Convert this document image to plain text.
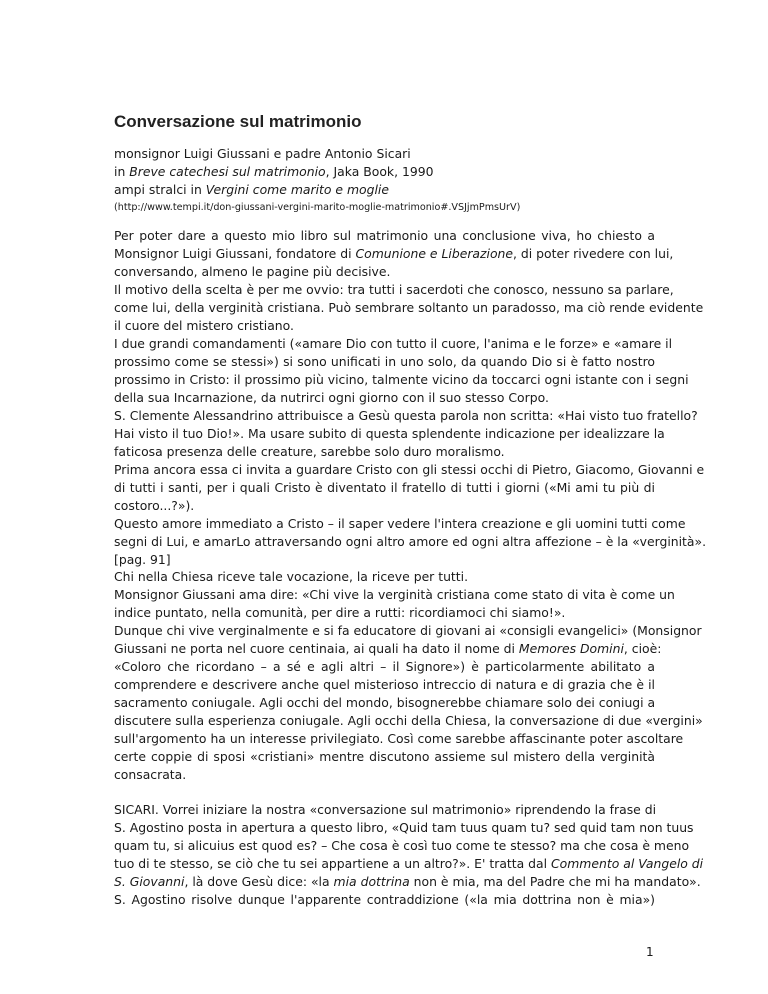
Conversazione sul matrimonio
monsignor Luigi Giussani e padre Antonio Sicari
in Breve catechesi sul matrimonio, Jaka Book, 1990
ampi stralci in Vergini come marito e moglie
(http://www.tempi.it/don-giussani-vergini-marito-moglie-matrimonio#.VSJjmPmsUrV)
Per poter dare a questo mio libro sul matrimonio una conclusione viva, ho chiesto a
Monsignor Luigi Giussani, fondatore di Comunione e Liberazione, di poter rivedere con lui,
conversando, almeno le pagine più decisive.
Il motivo della scelta è per me ovvio: tra tutti i sacerdoti che conosco, nessuno sa parlare,
come lui, della verginità cristiana. Può sembrare soltanto un paradosso, ma ciò rende evidente
il cuore del mistero cristiano.
I due grandi comandamenti («amare Dio con tutto il cuore, l'anima e le forze» e «amare il
prossimo come se stessi») si sono unificati in uno solo, da quando Dio si è fatto nostro
prossimo in Cristo: il prossimo più vicino, talmente vicino da toccarci ogni istante con i segni
della sua Incarnazione, da nutrirci ogni giorno con il suo stesso Corpo.
S. Clemente Alessandrino attribuisce a Gesù questa parola non scritta: «Hai visto tuo fratello?
Hai visto il tuo Dio!». Ma usare subito di questa splendente indicazione per idealizzare la
faticosa presenza delle creature, sarebbe solo duro moralismo.
Prima ancora essa ci invita a guardare Cristo con gli stessi occhi di Pietro, Giacomo, Giovanni e
di tutti i santi, per i quali Cristo è diventato il fratello di tutti i giorni («Mi ami tu più di
costoro...?»).
Questo amore immediato a Cristo – il saper vedere l'intera creazione e gli uomini tutti come
segni di Lui, e amarLo attraversando ogni altro amore ed ogni altra affezione – è la «verginità».
[pag. 91]
Chi nella Chiesa riceve tale vocazione, la riceve per tutti.
Monsignor Giussani ama dire: «Chi vive la verginità cristiana come stato di vita è come un
indice puntato, nella comunità, per dire a rutti: ricordiamoci chi siamo!».
Dunque chi vive verginalmente e si fa educatore di giovani ai «consigli evangelici» (Monsignor
Giussani ne porta nel cuore centinaia, ai quali ha dato il nome di Memores Domini, cioè:
«Coloro che ricordano – a sé e agli altri – il Signore») è particolarmente abilitato a
comprendere e descrivere anche quel misterioso intreccio di natura e di grazia che è il
sacramento coniugale. Agli occhi del mondo, bisognerebbe chiamare solo dei coniugi a
discutere sulla esperienza coniugale. Agli occhi della Chiesa, la conversazione di due «vergini»
sull'argomento ha un interesse privilegiato. Così come sarebbe affascinante poter ascoltare
certe coppie di sposi «cristiani» mentre discutono assieme sul mistero della verginità
consacrata.
SICARI. Vorrei iniziare la nostra «conversazione sul matrimonio» riprendendo la frase di
S. Agostino posta in apertura a questo libro, «Quid tam tuus quam tu? sed quid tam non tuus
quam tu, si alicuius est quod es? – Che cosa è così tuo come te stesso? ma che cosa è meno
tuo di te stesso, se ciò che tu sei appartiene a un altro?». E' tratta dal Commento al Vangelo di
S. Giovanni, là dove Gesù dice: «la mia dottrina non è mia, ma del Padre che mi ha mandato».
S. Agostino risolve dunque l'apparente contraddizione («la mia dottrina non è mia»)
1
